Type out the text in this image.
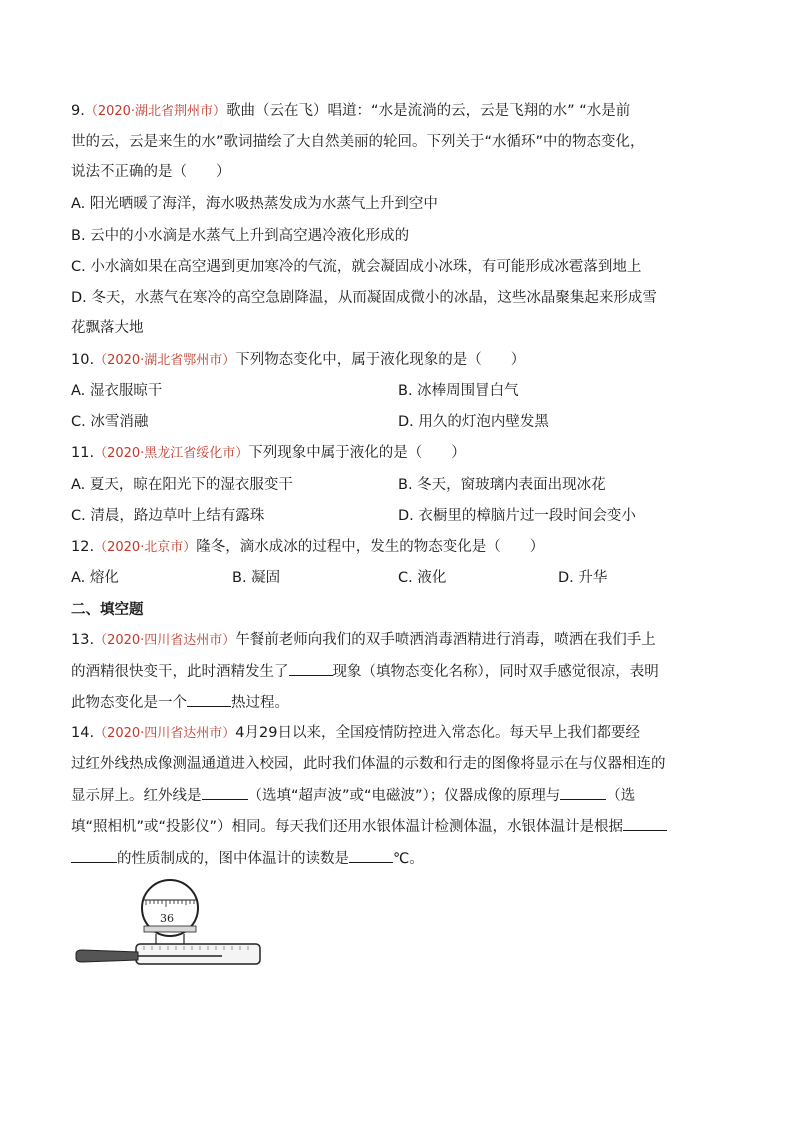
9.（2020·湖北省荆州市）歌曲（云在飞）唱道：“水是流淌的云，云是飞翔的水” “水是前
世的云，云是来生的水”歌词描绘了大自然美丽的轮回。下列关于“水循环”中的物态变化，
说法不正确的是（　　）
A. 阳光晒暖了海洋，海水吸热蒸发成为水蒸气上升到空中
B. 云中的小水滴是水蒸气上升到高空遇冷液化形成的
C. 小水滴如果在高空遇到更加寒冷的气流，就会凝固成小冰珠，有可能形成冰雹落到地上
D. 冬天，水蒸气在寒冷的高空急剧降温，从而凝固成微小的冰晶，这些冰晶聚集起来形成雪
花飘落大地
10.（2020·湖北省鄂州市）下列物态变化中，属于液化现象的是（　　）
A. 湿衣服晾干	B. 冰棒周围冒白气
C. 冰雪消融	D. 用久的灯泡内壁发黑
11.（2020·黑龙江省绥化市）下列现象中属于液化的是（　　）
A. 夏天，晾在阳光下的湿衣服变干	B. 冬天，窗玻璃内表面出现冰花
C. 清晨，路边草叶上结有露珠	D. 衣橱里的樟脑片过一段时间会变小
12.（2020·北京市）隆冬，滴水成冰的过程中，发生的物态变化是（　　）
A. 熔化	B. 凝固	C. 液化	D. 升华
二、填空题
13.（2020·四川省达州市）午餐前老师向我们的双手喷洒消毒酒精进行消毒，喷洒在我们手上
的酒精很快变干，此时酒精发生了	现象（填物态变化名称），同时双手感觉很凉，表明
此物态变化是一个	热过程。
14.（2020·四川省达州市）4月29日以来，全国疫情防控进入常态化。每天早上我们都要经
过红外线热成像测温通道进入校园，此时我们体温的示数和行走的图像将显示在与仪器相连的
显示屏上。红外线是	（选填“超声波”或“电磁波”）；仪器成像的原理与	（选
填“照相机”或“投影仪”）相同。每天我们还用水银体温计检测体温，水银体温计是根据
的性质制成的，图中体温计的读数是	℃。
36
